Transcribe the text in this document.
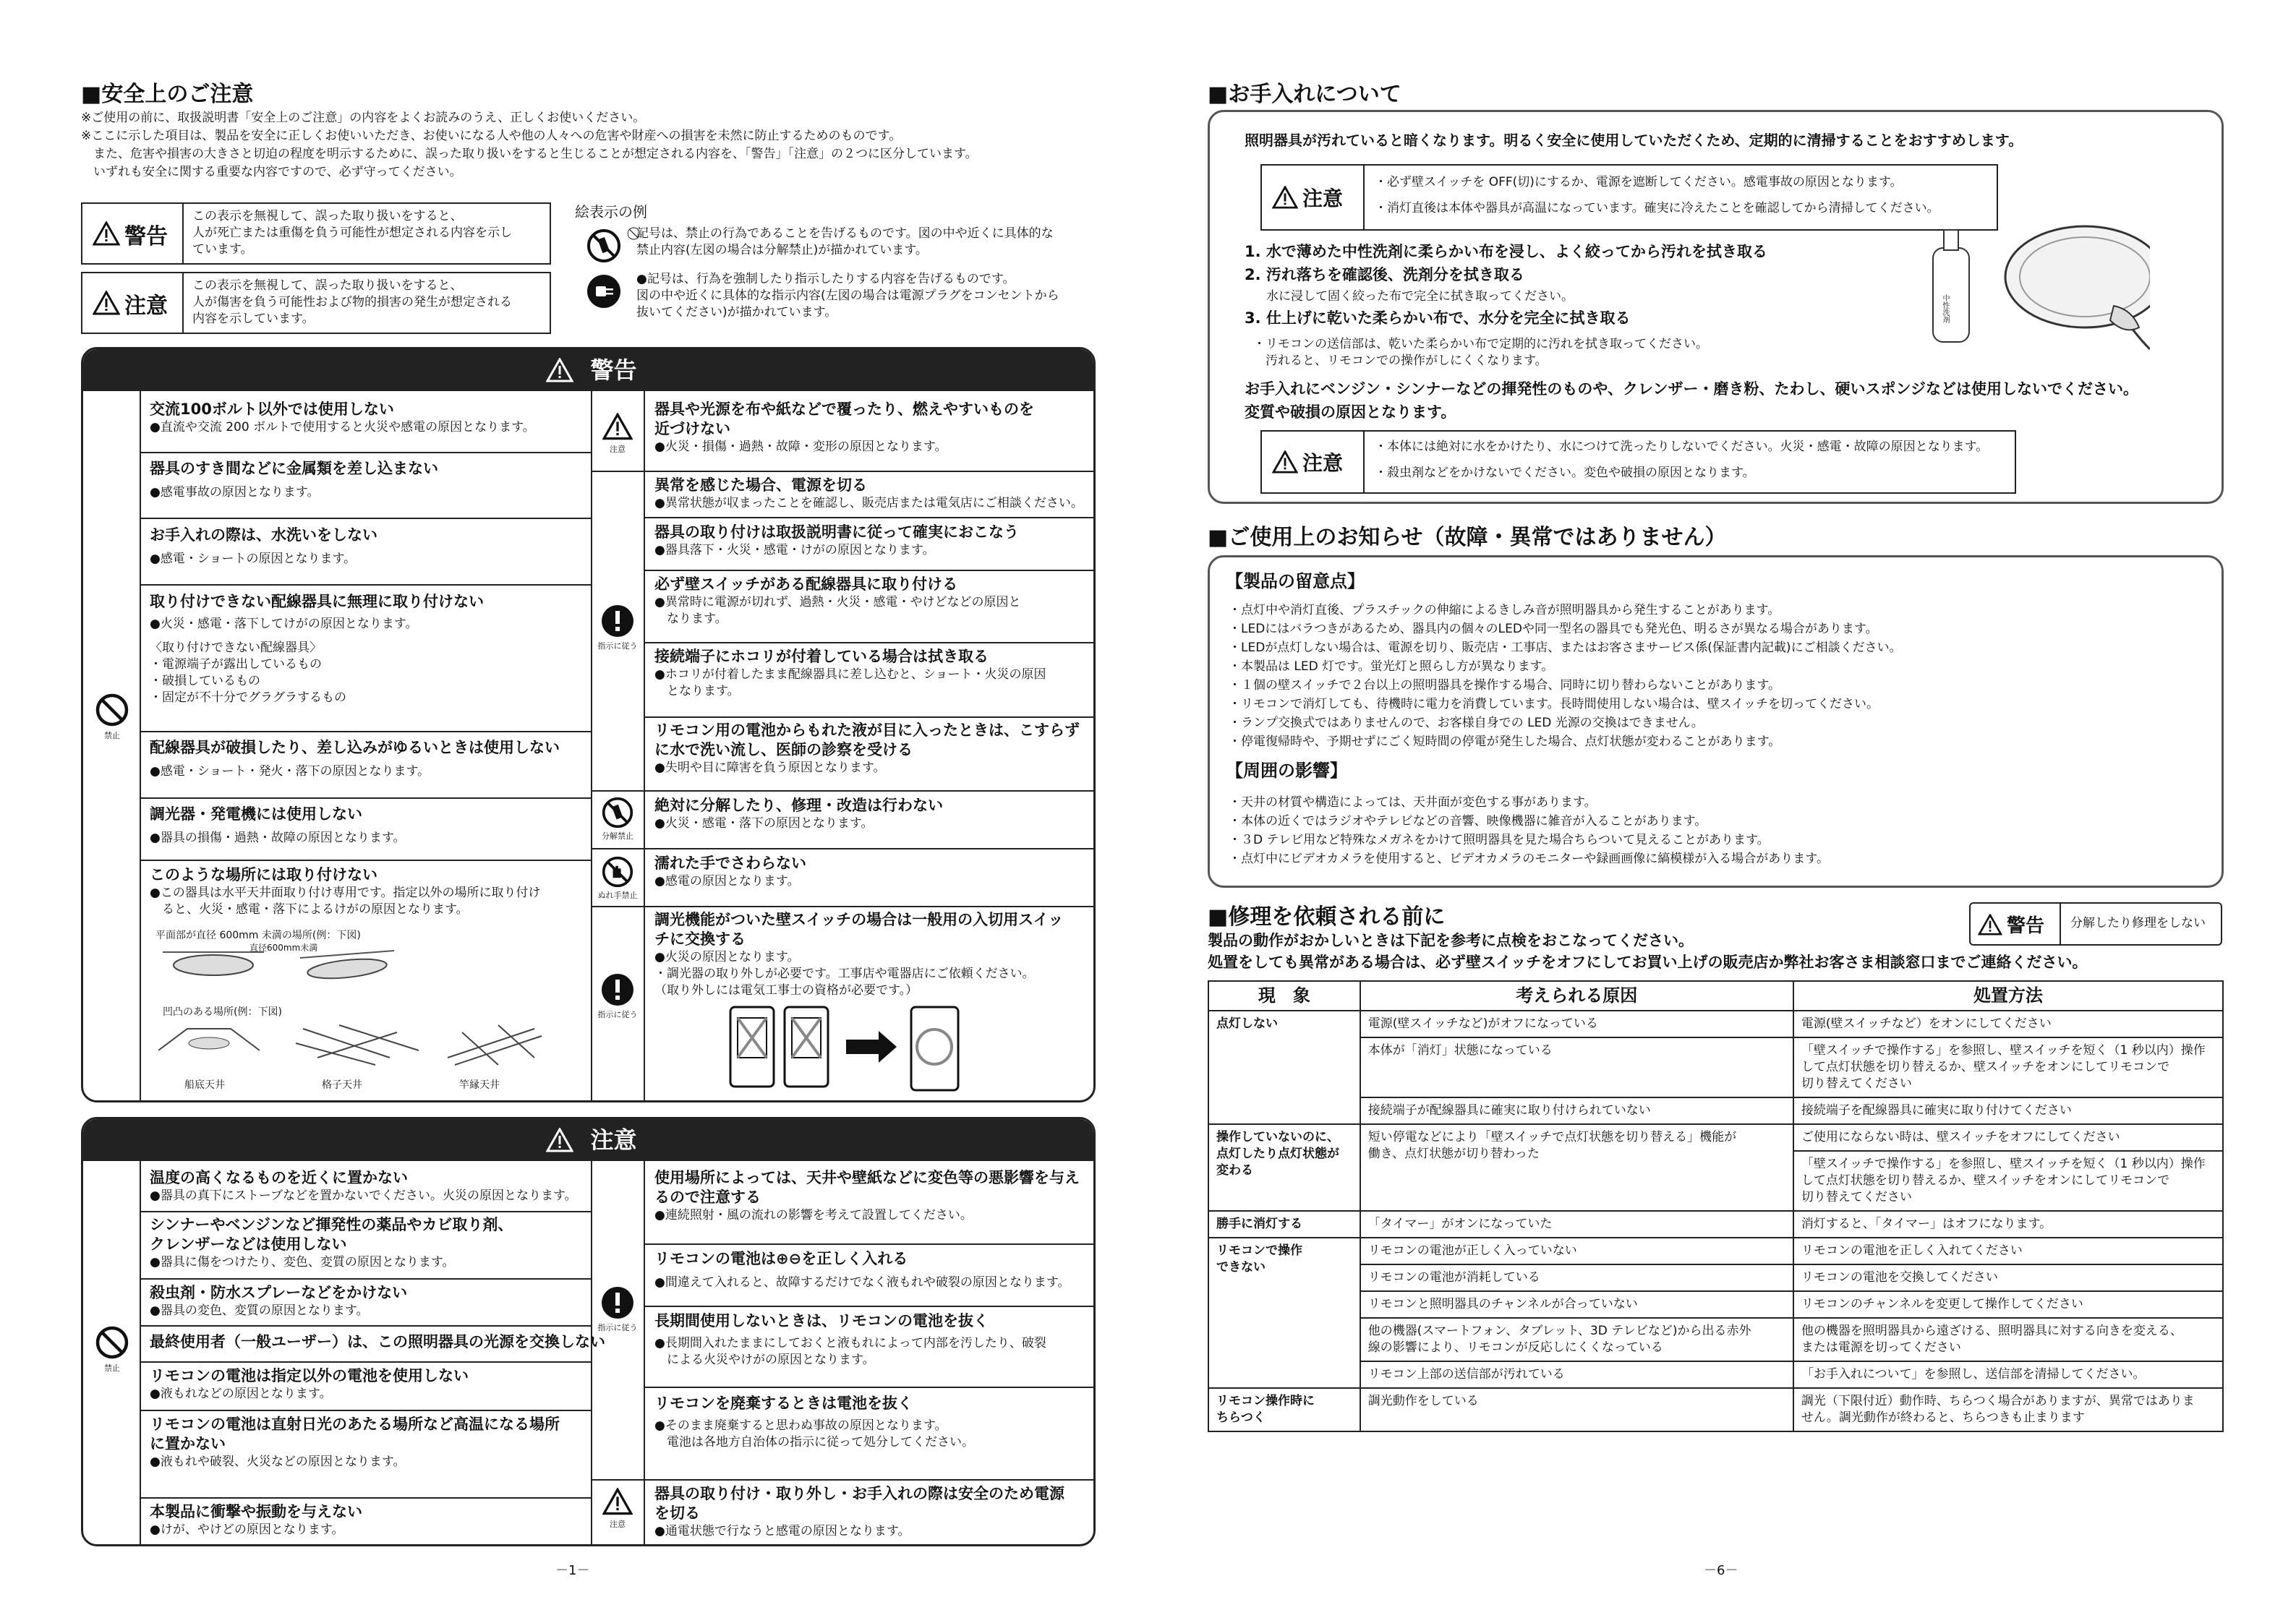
■安全上のご注意
※ご使用の前に、取扱説明書「安全上のご注意」の内容をよくお読みのうえ、正しくお使いください。
※ここに示した項目は、製品を安全に正しくお使いいただき、お使いになる人や他の人々への危害や財産への損害を未然に防止するためのものです。
　また、危害や損害の大きさと切迫の程度を明示するために、誤った取り扱いをすると生じることが想定される内容を、「警告」「注意」の２つに区分しています。
　いずれも安全に関する重要な内容ですので、必ず守ってください。
警告
この表示を無視して、誤った取り扱いをすると、
人が死亡または重傷を負う可能性が想定される内容を示し
ています。
注意
この表示を無視して、誤った取り扱いをすると、
人が傷害を負う可能性および物的損害の発生が想定される
内容を示しています。
絵表示の例
⃠記号は、禁止の行為であることを告げるものです。図の中や近くに具体的な
禁止内容(左図の場合は分解禁止)が描かれています。
●記号は、行為を強制したり指示したりする内容を告げるものです。
図の中や近くに具体的な指示内容(左図の場合は電源プラグをコンセントから
抜いてください)が描かれています。
警告
禁止
交流100ボルト以外では使用しない
●直流や交流 200 ボルトで使用すると火災や感電の原因となります。
器具のすき間などに金属類を差し込まない
●感電事故の原因となります。
お手入れの際は、水洗いをしない
●感電・ショートの原因となります。
取り付けできない配線器具に無理に取り付けない
●火災・感電・落下してけがの原因となります。
〈取り付けできない配線器具〉
・電源端子が露出しているもの
・破損しているもの
・固定が不十分でグラグラするもの
配線器具が破損したり、差し込みがゆるいときは使用しない
●感電・ショート・発火・落下の原因となります。
調光器・発電機には使用しない
●器具の損傷・過熱・故障の原因となります。
このような場所には取り付けない
●この器具は水平天井面取り付け専用です。指定以外の場所に取り付け
　ると、火災・感電・落下によるけがの原因となります。
平面部が直径 600mm 未満の場所(例：下図)
直径600mm未満
凹凸のある場所(例：下図)
船底天井	格子天井	竿縁天井
注意
指示に従う
分解禁止
ぬれ手禁止
指示に従う
器具や光源を布や紙などで覆ったり、燃えやすいものを
近づけない
●火災・損傷・過熱・故障・変形の原因となります。
異常を感じた場合、電源を切る
●異常状態が収まったことを確認し、販売店または電気店にご相談ください。
器具の取り付けは取扱説明書に従って確実におこなう
●器具落下・火災・感電・けがの原因となります。
必ず壁スイッチがある配線器具に取り付ける
●異常時に電源が切れず、過熱・火災・感電・やけどなどの原因と
　なります。
接続端子にホコリが付着している場合は拭き取る
●ホコリが付着したまま配線器具に差し込むと、ショート・火災の原因
　となります。
リモコン用の電池からもれた液が目に入ったときは、こすらず
に水で洗い流し、医師の診察を受ける
●失明や目に障害を負う原因となります。
絶対に分解したり、修理・改造は行わない
●火災・感電・落下の原因となります。
濡れた手でさわらない
●感電の原因となります。
調光機能がついた壁スイッチの場合は一般用の入切用スイッ
チに交換する
●火災の原因となります。
・調光器の取り外しが必要です。工事店や電器店にご依頼ください。
（取り外しには電気工事士の資格が必要です。）
注意
禁止
指示に従う
注意
温度の高くなるものを近くに置かない
●器具の真下にストーブなどを置かないでください。火災の原因となります。
シンナーやベンジンなど揮発性の薬品やカビ取り剤、
クレンザーなどは使用しない
●器具に傷をつけたり、変色、変質の原因となります。
殺虫剤・防水スプレーなどをかけない
●器具の変色、変質の原因となります。
最終使用者（一般ユーザー）は、この照明器具の光源を交換しない
リモコンの電池は指定以外の電池を使用しない
●液もれなどの原因となります。
リモコンの電池は直射日光のあたる場所など高温になる場所
に置かない
●液もれや破裂、火災などの原因となります。
本製品に衝撃や振動を与えない
●けが、やけどの原因となります。
使用場所によっては、天井や壁紙などに変色等の悪影響を与え
るので注意する
●連続照射・風の流れの影響を考えて設置してください。
リモコンの電池は⊕⊖を正しく入れる
●間違えて入れると、故障するだけでなく液もれや破裂の原因となります。
長期間使用しないときは、リモコンの電池を抜く
●長期間入れたままにしておくと液もれによって内部を汚したり、破裂
　による火災やけがの原因となります。
リモコンを廃棄するときは電池を抜く
●そのまま廃棄すると思わぬ事故の原因となります。
　電池は各地方自治体の指示に従って処分してください。
器具の取り付け・取り外し・お手入れの際は安全のため電源
を切る
●通電状態で行なうと感電の原因となります。
－1－
■お手入れについて
照明器具が汚れていると暗くなります。明るく安全に使用していただくため、定期的に清掃することをおすすめします。
注意
・必ず壁スイッチを OFF(切)にするか、電源を遮断してください。感電事故の原因となります。
・消灯直後は本体や器具が高温になっています。確実に冷えたことを確認してから清掃してください。
1. 水で薄めた中性洗剤に柔らかい布を浸し、よく絞ってから汚れを拭き取る
2. 汚れ落ちを確認後、洗剤分を拭き取る
水に浸して固く絞った布で完全に拭き取ってください。
3. 仕上げに乾いた柔らかい布で、水分を完全に拭き取る
・リモコンの送信部は、乾いた柔らかい布で定期的に汚れを拭き取ってください。
　汚れると、リモコンでの操作がしにくくなります。
中性洗剤
お手入れにベンジン・シンナーなどの揮発性のものや、クレンザー・磨き粉、たわし、硬いスポンジなどは使用しないでください。
変質や破損の原因となります。
注意
・本体には絶対に水をかけたり、水につけて洗ったりしないでください。火災・感電・故障の原因となります。
・殺虫剤などをかけないでください。変色や破損の原因となります。
■ご使用上のお知らせ（故障・異常ではありません）
【製品の留意点】
・点灯中や消灯直後、プラスチックの伸縮によるきしみ音が照明器具から発生することがあります。
・LEDにはバラつきがあるため、器具内の個々のLEDや同一型名の器具でも発光色、明るさが異なる場合があります。
・LEDが点灯しない場合は、電源を切り、販売店・工事店、またはお客さまサービス係(保証書内記載)にご相談ください。
・本製品は LED 灯です。蛍光灯と照らし方が異なります。
・１個の壁スイッチで２台以上の照明器具を操作する場合、同時に切り替わらないことがあります。
・リモコンで消灯しても、待機時に電力を消費しています。長時間使用しない場合は、壁スイッチを切ってください。
・ランプ交換式ではありませんので、お客様自身での LED 光源の交換はできません。
・停電復帰時や、予期せずにごく短時間の停電が発生した場合、点灯状態が変わることがあります。
【周囲の影響】
・天井の材質や構造によっては、天井面が変色する事があります。
・本体の近くではラジオやテレビなどの音響、映像機器に雑音が入ることがあります。
・３D テレビ用など特殊なメガネをかけて照明器具を見た場合ちらついて見えることがあります。
・点灯中にビデオカメラを使用すると、ビデオカメラのモニターや録画画像に縞模様が入る場合があります。
■修理を依頼される前に	警告 分解したり修理をしない
製品の動作がおかしいときは下記を参考に点検をおこなってください。
処置をしても異常がある場合は、必ず壁スイッチをオフにしてお買い上げの販売店か弊社お客さま相談窓口までご連絡ください。
現　象	考えられる原因	処置方法
点灯しない	電源(壁スイッチなど)がオフになっている	電源(壁スイッチなど）をオンにしてください
	本体が「消灯」状態になっている	「壁スイッチで操作する」を参照し、壁スイッチを短く（1 秒以内）操作
して点灯状態を切り替えるか、壁スイッチをオンにしてリモコンで
切り替えてください
	接続端子が配線器具に確実に取り付けられていない	接続端子を配線器具に確実に取り付けてください
操作していないのに、
点灯したり点灯状態が
変わる	短い停電などにより「壁スイッチで点灯状態を切り替える」機能が
働き、点灯状態が切り替わった	ご使用にならない時は、壁スイッチをオフにしてください
		「壁スイッチで操作する」を参照し、壁スイッチを短く（1 秒以内）操作
して点灯状態を切り替えるか、壁スイッチをオンにしてリモコンで
切り替えてください
勝手に消灯する	「タイマー」がオンになっていた	消灯すると、「タイマー」はオフになります。
リモコンで操作
できない	リモコンの電池が正しく入っていない	リモコンの電池を正しく入れてください
	リモコンの電池が消耗している	リモコンの電池を交換してください
	リモコンと照明器具のチャンネルが合っていない	リモコンのチャンネルを変更して操作してください
	他の機器(スマートフォン、タブレット、3D テレビなど)から出る赤外
線の影響により、リモコンが反応しにくくなっている	他の機器を照明器具から遠ざける、照明器具に対する向きを変える、
または電源を切ってください
	リモコン上部の送信部が汚れている	「お手入れについて」を参照し、送信部を清掃してください。
リモコン操作時に
ちらつく	調光動作をしている	調光（下限付近）動作時、ちらつく場合がありますが、異常ではありま
せん。調光動作が終わると、ちらつきも止まります
－6－
